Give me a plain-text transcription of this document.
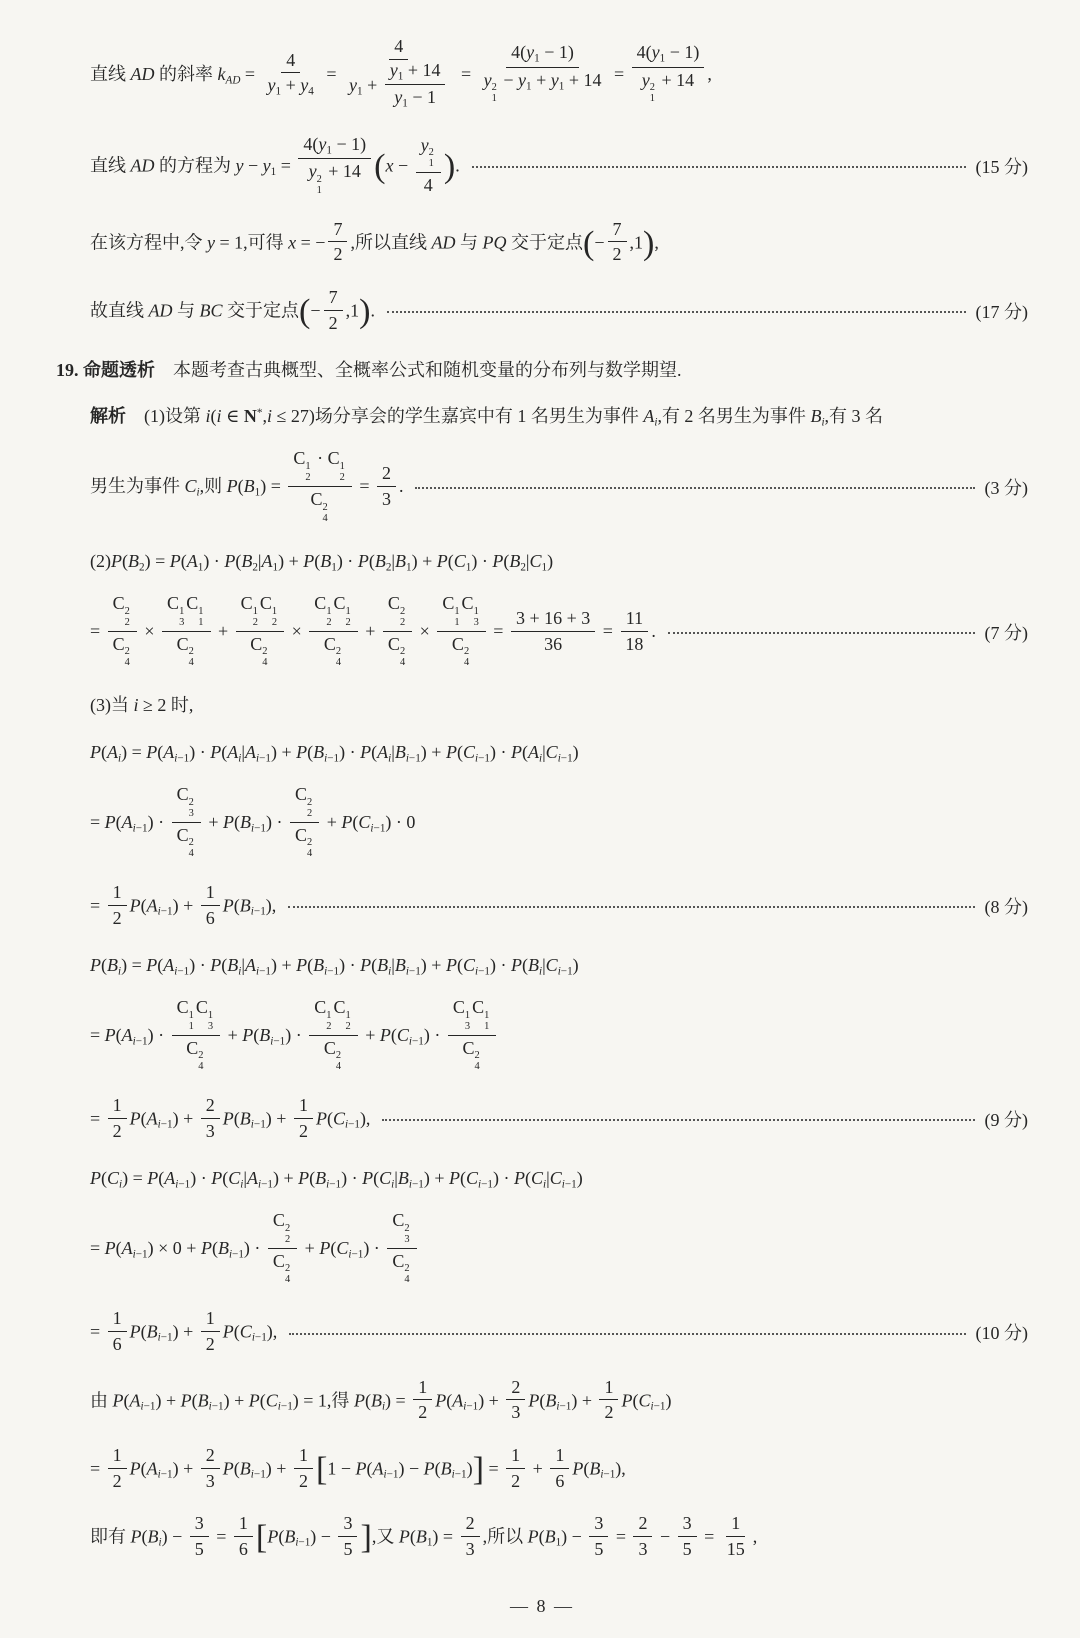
直线 AD 的斜率 kAD = $\frac{4}{y1 + y4} = \frac{4}{y1 + \frac{y1 + 14}{y1 - 1}} = 4(y1 - 1)$
y 2
1
− y1 + y1 + 14 = 4(y1 − 1)
y 2
1
+ 14 ,
直线 AD 的方程为 y − y1 = 4(y1 − 1)
y 2
1
+ 14 (x − y 2
1
4 ).	(15 分)
在该方程中,令 y = 1,可得 x = − $\frac{7}{2}$ ,所以直线 AD 与 PQ 交于定点(− $\frac{7}{2} ,1$),
故直线 AD 与 BC 交于定点(− $\frac{7}{2} ,1$).	(17 分)
19. 命题透析　本题考查古典概型、全概率公式和随机变量的分布列与数学期望.
解析　(1)设第 i(i ∈ N*,i ≤ 27)场分享会的学生嘉宾中有 1 名男生为事件 Ai,有 2 名男生为事件 Bi,有 3 名
男生为事件 Ci,则 P(B1) = C 1
2
· C 1
2
C 2
$4 = \frac{2}{3}$ .	(3 分)
(2)P(B2) = P(A1) · P(B2|A1) + P(B1) · P(B2|B1) + P(C1) · P(B2|C1)
= C 2
2
C 2
4 × C 1
3
C 1
1
C 2
4 + C 1
2
C 1
2
C 2
4 × C 1
2
C 1
2
C 2
4 + C 2
2
C 2
4 × C 1
1
C 1
3
C 2
$4 = \frac{3 + 16 + 3}{36} = \frac{11}{18}$ .	(7 分)
(3)当 i ≥ 2 时,
P(Ai) = P(Ai−1) · P(Ai|Ai−1) + P(Bi−1) · P(Ai|Bi−1) + P(Ci−1) · P(Ai|Ci−1)
= P(Ai−1) · C 2
3
C 2
4 + P(Bi−1) · C 2
2
C 2
4 + P(Ci−1) · 0
= $\frac{1}{2} P(Ai-1) + \frac{1}{6} P(Bi-1)$,	(8 分)
P(Bi) = P(Ai−1) · P(Bi|Ai−1) + P(Bi−1) · P(Bi|Bi−1) + P(Ci−1) · P(Bi|Ci−1)
= P(Ai−1) · C 1
1
C 1
3
C 2
4 + P(Bi−1) · C 1
2
C 1
2
C 2
4 + P(Ci−1) · C 1
3
C 1
1
C 2
4
= $\frac{1}{2} P(Ai-1) + \frac{2}{3} P(Bi-1) + \frac{1}{2} P(Ci-1)$,	(9 分)
P(Ci) = P(Ai−1) · P(Ci|Ai−1) + P(Bi−1) · P(Ci|Bi−1) + P(Ci−1) · P(Ci|Ci−1)
= P(Ai−1) × 0 + P(Bi−1) · C 2
2
C 2
4 + P(Ci−1) · C 2
3
C 2
4
= $\frac{1}{6} P(Bi-1) + \frac{1}{2} P(Ci-1)$,	(10 分)
由 P(Ai−1) + P(Bi−1) + P(Ci−1) = 1,得 $P(Bi) = \frac{1}{2} P(Ai-1) + \frac{2}{3} P(Bi-1) + \frac{1}{2} P(Ci-1)$
= $\frac{1}{2} P(Ai-1) + \frac{2}{3} P(Bi-1) + \frac{1}{2} [1 - P(Ai-1) - P(Bi-1)] = \frac{1}{2} + \frac{1}{6} P(Bi-1)$,
即有 $P(Bi) - \frac{3}{5} = \frac{1}{6} [P(Bi-1) - \frac{3}{5}$ ],又 $P(B1) = \frac{2}{3}$ ,所以 $P(B1) - \frac{3}{5} = \frac{2}{3} - \frac{3}{5} = \frac{1}{15}$ ,
— 8 —
